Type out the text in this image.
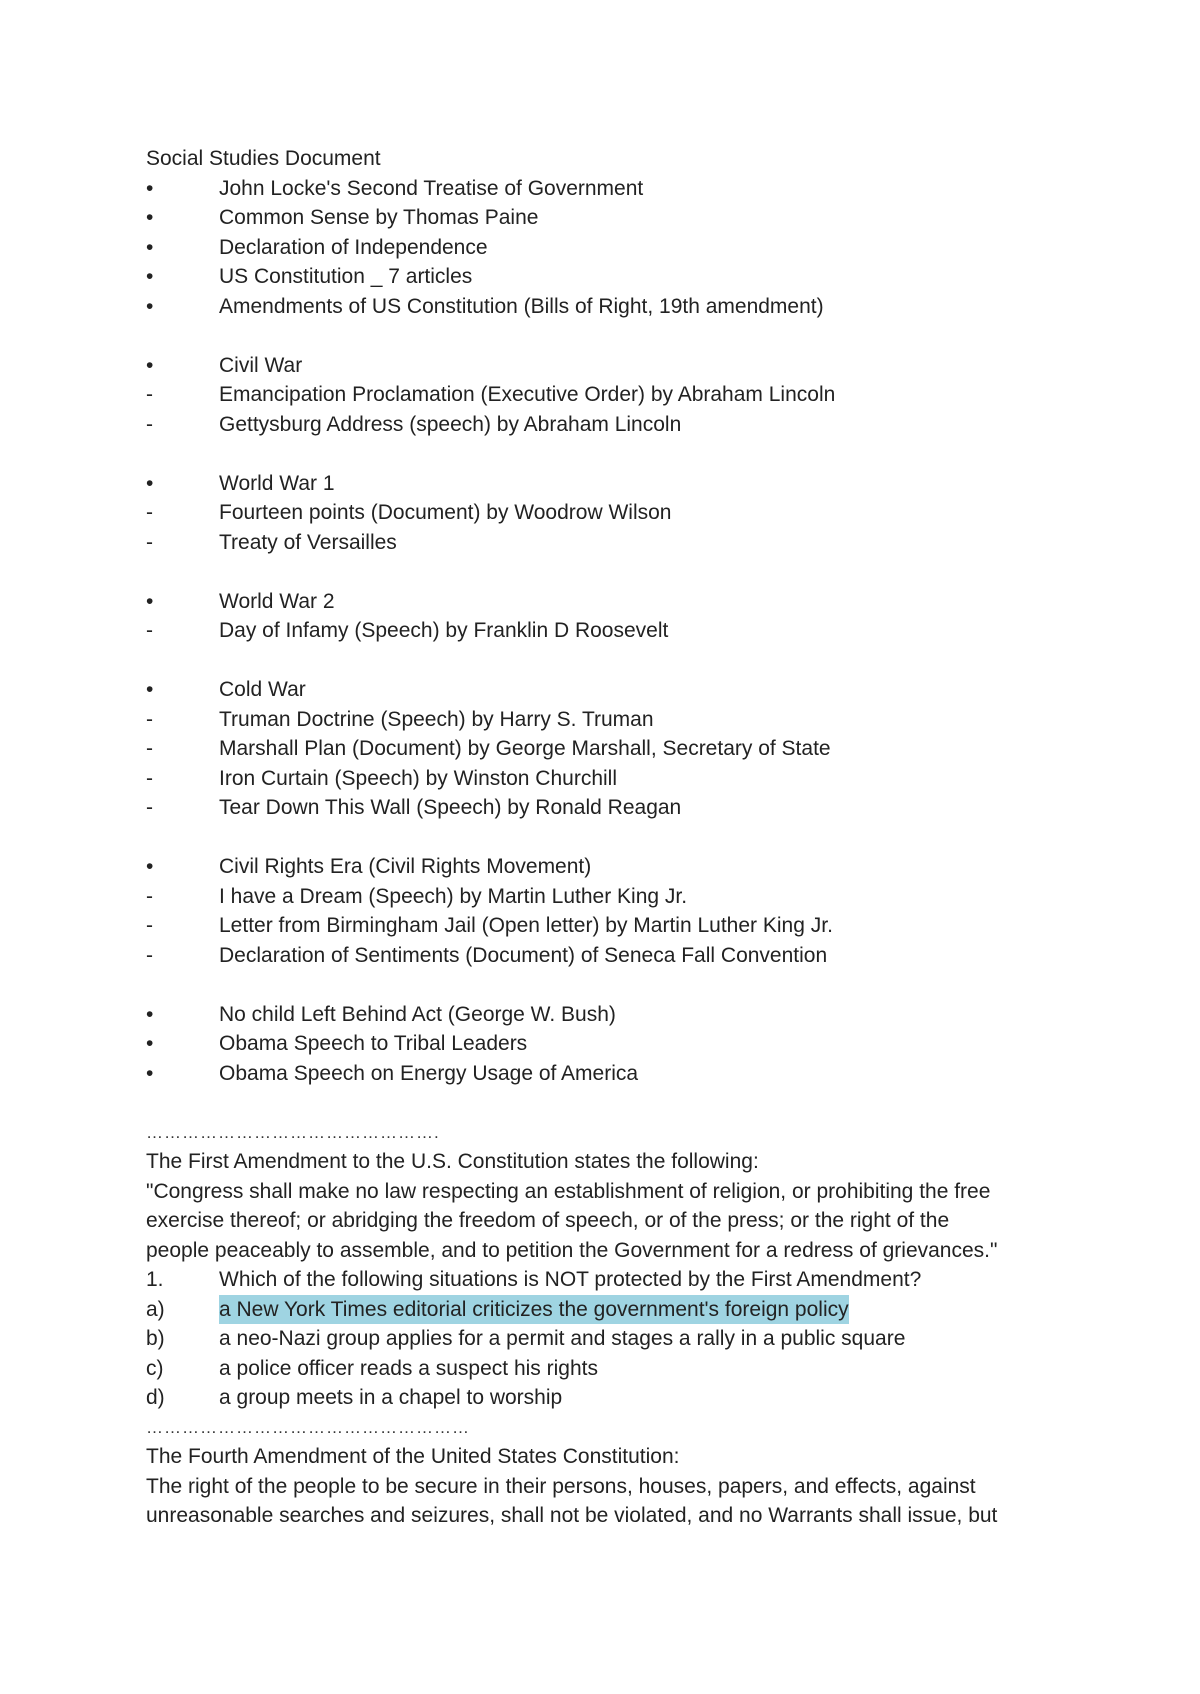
Social Studies Document
•	John Locke's Second Treatise of Government
•	Common Sense by Thomas Paine
•	Declaration of Independence
•	US Constitution _ 7 articles
•	Amendments of US Constitution (Bills of Right, 19th amendment)
•	Civil War
-	Emancipation Proclamation (Executive Order) by Abraham Lincoln
-	Gettysburg Address (speech) by Abraham Lincoln
•	World War 1
-	Fourteen points (Document) by Woodrow Wilson
-	Treaty of Versailles
•	World War 2
-	Day of Infamy (Speech) by Franklin D Roosevelt
•	Cold War
-	Truman Doctrine (Speech) by Harry S. Truman
-	Marshall Plan (Document) by George Marshall, Secretary of State
-	Iron Curtain (Speech) by Winston Churchill
-	Tear Down This Wall (Speech) by Ronald Reagan
•	Civil Rights Era (Civil Rights Movement)
-	I have a Dream (Speech) by Martin Luther King Jr.
-	Letter from Birmingham Jail (Open letter) by Martin Luther King Jr.
-	Declaration of Sentiments (Document) of Seneca Fall Convention
•	No child Left Behind Act (George W. Bush)
•	Obama Speech to Tribal Leaders
•	Obama Speech on Energy Usage of America
………………………………………….
The First Amendment to the U.S. Constitution states the following:
"Congress shall make no law respecting an establishment of religion, or prohibiting the free
exercise thereof; or abridging the freedom of speech, or of the press; or the right of the
people peaceably to assemble, and to petition the Government for a redress of grievances."
1.	Which of the following situations is NOT protected by the First Amendment?
a)	a New York Times editorial criticizes the government's foreign policy
b)	a neo-Nazi group applies for a permit and stages a rally in a public square
c)	a police officer reads a suspect his rights
d)	a group meets in a chapel to worship
………………………………………………
The Fourth Amendment of the United States Constitution:
The right of the people to be secure in their persons, houses, papers, and effects, against
unreasonable searches and seizures, shall not be violated, and no Warrants shall issue, but
